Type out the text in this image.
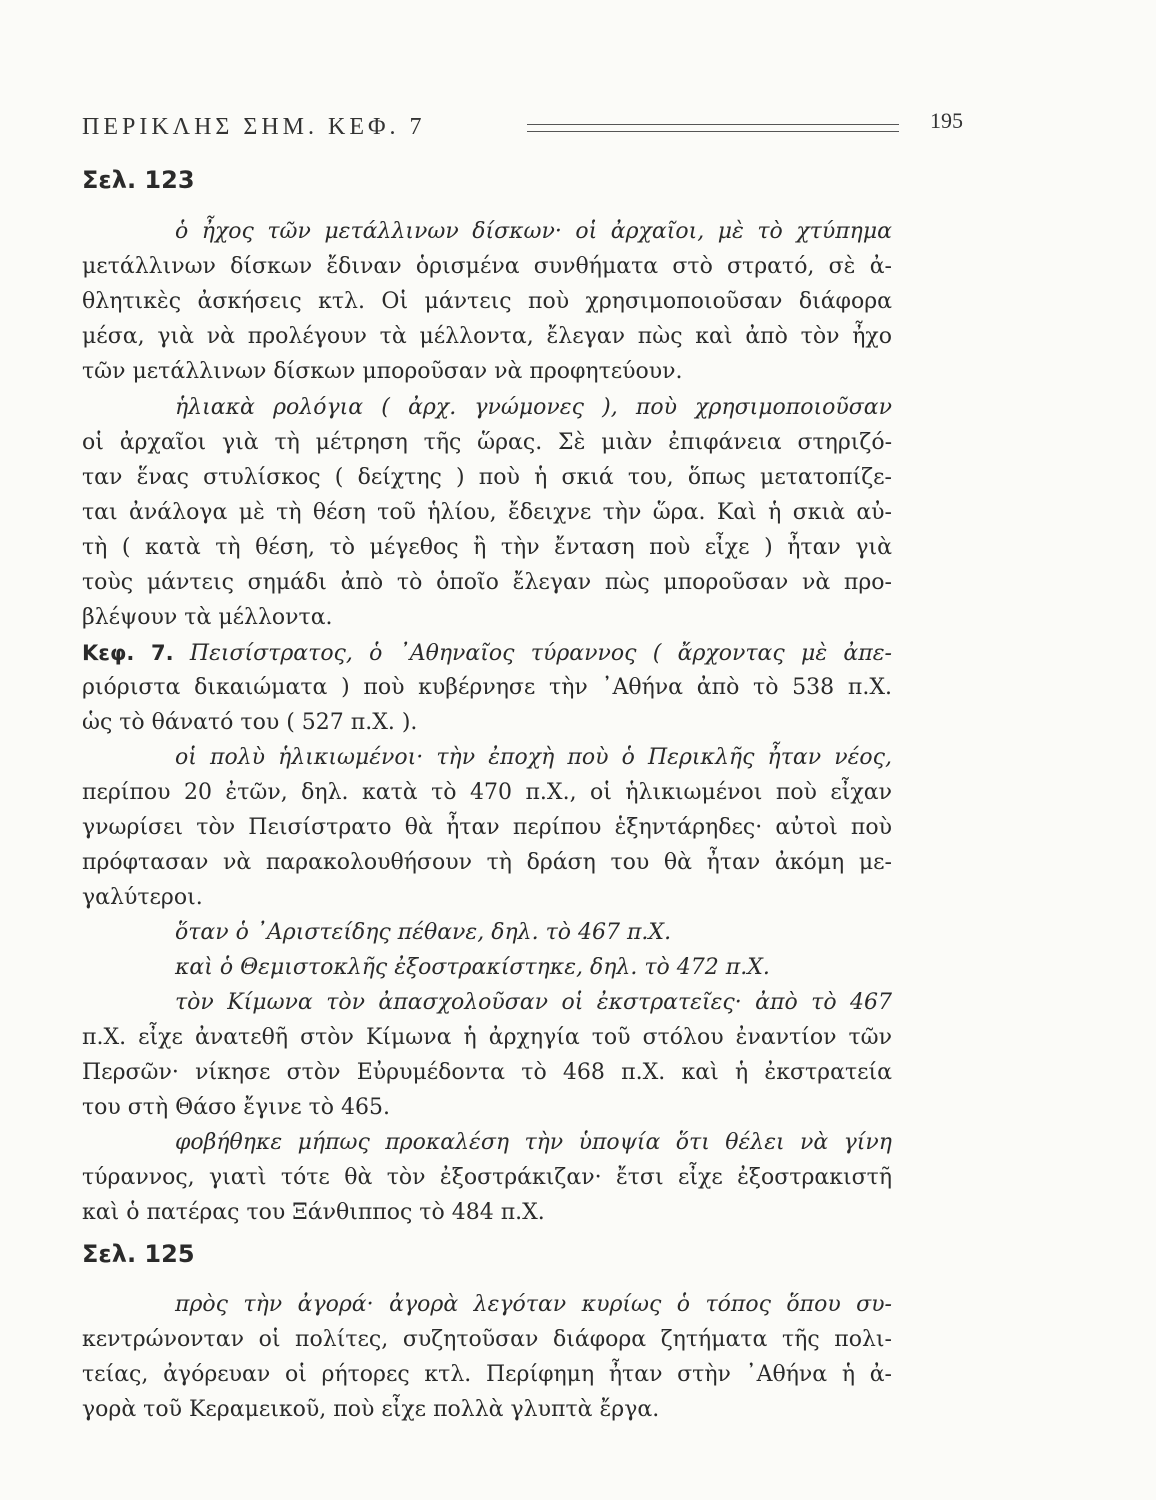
ΠΕΡΙΚΛΗΣ ΣΗΜ. ΚΕΦ. 7	195
Σελ. 123
ὁ ἦχος τῶν μετάλλινων δίσκων· οἱ ἀρχαῖοι, μὲ τὸ χτύπημα
μετάλλινων δίσκων ἔδιναν ὁρισμένα συνθήματα στὸ στρατό, σὲ ἀ-
θλητικὲς ἀσκήσεις κτλ. Οἱ μάντεις ποὺ χρησιμοποιοῦσαν διάφορα
μέσα, γιὰ νὰ προλέγουν τὰ μέλλοντα, ἔλεγαν πὼς καὶ ἀπὸ τὸν ἦχο
τῶν μετάλλινων δίσκων μποροῦσαν νὰ προφητεύουν.
ἡλιακὰ ρολόγια ( ἀρχ. γνώμονες ), ποὺ χρησιμοποιοῦσαν
οἱ ἀρχαῖοι γιὰ τὴ μέτρηση τῆς ὥρας. Σὲ μιὰν ἐπιφάνεια στηριζό-
ταν ἕνας στυλίσκος ( δείχτης ) ποὺ ἡ σκιά του, ὅπως μετατοπίζε-
ται ἀνάλογα μὲ τὴ θέση τοῦ ἡλίου, ἔδειχνε τὴν ὥρα. Καὶ ἡ σκιὰ αὐ-
τὴ ( κατὰ τὴ θέση, τὸ μέγεθος ἢ τὴν ἔνταση ποὺ εἶχε ) ἦταν γιὰ
τοὺς μάντεις σημάδι ἀπὸ τὸ ὁποῖο ἔλεγαν πὼς μποροῦσαν νὰ προ-
βλέψουν τὰ μέλλοντα.
Κεφ. 7. Πεισίστρατος, ὁ ᾿Αθηναῖος τύραννος ( ἄρχοντας μὲ ἀπε-
ριόριστα δικαιώματα ) ποὺ κυβέρνησε τὴν ᾿Αθήνα ἀπὸ τὸ 538 π.Χ.
ὡς τὸ θάνατό του ( 527 π.Χ. ).
οἱ πολὺ ἡλικιωμένοι· τὴν ἐποχὴ ποὺ ὁ Περικλῆς ἦταν νέος,
περίπου 20 ἐτῶν, δηλ. κατὰ τὸ 470 π.Χ., οἱ ἡλικιωμένοι ποὺ εἶχαν
γνωρίσει τὸν Πεισίστρατο θὰ ἦταν περίπου ἑξηντάρηδες· αὐτοὶ ποὺ
πρόφτασαν νὰ παρακολουθήσουν τὴ δράση του θὰ ἦταν ἀκόμη με-
γαλύτεροι.
ὅταν ὁ ᾿Αριστείδης πέθανε, δηλ. τὸ 467 π.Χ.
καὶ ὁ Θεμιστοκλῆς ἐξοστρακίστηκε, δηλ. τὸ 472 π.Χ.
τὸν Κίμωνα τὸν ἀπασχολοῦσαν οἱ ἐκστρατεῖες· ἀπὸ τὸ 467
π.Χ. εἶχε ἀνατεθῆ στὸν Κίμωνα ἡ ἀρχηγία τοῦ στόλου ἐναντίον τῶν
Περσῶν· νίκησε στὸν Εὐρυμέδοντα τὸ 468 π.Χ. καὶ ἡ ἐκστρατεία
του στὴ Θάσο ἔγινε τὸ 465.
φοβήθηκε μήπως προκαλέση τὴν ὑποψία ὅτι θέλει νὰ γίνη
τύραννος, γιατὶ τότε θὰ τὸν ἐξοστράκιζαν· ἔτσι εἶχε ἐξοστρακιστῆ
καὶ ὁ πατέρας του Ξάνθιππος τὸ 484 π.Χ.
Σελ. 125
πρὸς τὴν ἀγορά· ἀγορὰ λεγόταν κυρίως ὁ τόπος ὅπου συ-
κεντρώνονταν οἱ πολίτες, συζητοῦσαν διάφορα ζητήματα τῆς πολι-
τείας, ἀγόρευαν οἱ ρήτορες κτλ. Περίφημη ἦταν στὴν ᾿Αθήνα ἡ ἀ-
γορὰ τοῦ Κεραμεικοῦ, ποὺ εἶχε πολλὰ γλυπτὰ ἔργα.
